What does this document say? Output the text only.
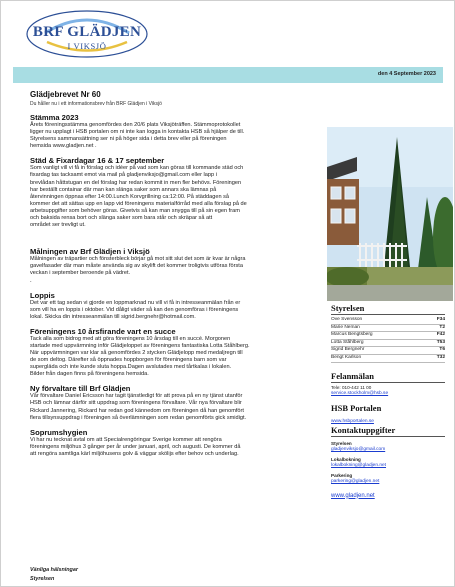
BRF GLÄDJEN
I VIKSJÖ
den 4 September 2023
Glädjebrevet Nr 60
Du håller nu i ett informationsbrev från BRF Glädjen i Viksjö
Stämma 2023
Årets föreningsstämma genomfördes den 20/6 plats Viksjöträffen. Stämmoprotokollet
ligger nu upplagt i HSB portalen om ni inte kan logga in kontakta HSB så hjälper de till.
Styrelsens sammansättning ser ni på höger sida i detta brev eller på föreningen
hemsida www.gladjen.net .
Städ & Fixardagar 16 & 17 september
Som vanligt vill vi få in förslag och idéer på vad som kan göras till kommande städ och
fixardag tas tacksamt emot via mail på gladjenviksjo@gmail.com eller lapp i
brevlådan håttstugan en del förslag har redan kommit in men fler behövs. Föreningen
har beställt containar där man kan slänga saker som annars ska lämnas på
återvinningen öppnas efter 14:00.Lunch Korvgrillning ca:12:00. På städdagen så
kommer det att sättas upp en lapp vid föreningens materialförråd med alla förslag på de
arbetsuppgifter som behöver göras. Givetvis så kan man snygga till på sin egen fram
och baksida rensa bort och slänga saker som bara står och skräpar så att
området ser trevligt ut.
Målningen av Brf Glädjen i Viksjö
Målningen av träpartier och fönsterbleck börjar gå mot sitt slut det som är kvar är några
gavelfasader där man måste använda sig av skylift det kommer troligtvis utföras första
veckan i september beroende på vädret.
.
Loppis
Det var ett tag sedan vi gjorde en loppmarknad nu vill vi få in intresseanmälan från er
som vill ha en loppis i oktober. Vid dåligt väder så kan den genomföras i föreningens
lokal. Skicka din intresseanmälan till sigrid.bergnehr@hotmail.com.
Föreningens 10 årsfirande vart en succe
Tack alla som bidrog med att göra föreningens 10 årsdag till en succé. Morgonen
startade med uppvärmning inför Glädjeloppet av föreningens fantastiska Lotta Ståhlberg.
När uppvärmningen var klar så genomfördes 2 stycken Glädjelopp med medaljregn till
de som deltog. Därefter så öppnades hoppborgen för föreningens barn som var
supergläda och inte kunde sluta hoppa.Dagen avslutades med tårtkalas i lokalen.
Bilder från dagen finns på föreningens hemsida.
Ny förvaltare till Brf Glädjen
Vår förvaltare Daniel Ericsson har tagit tjänstledigt för att prova på en ny tjänst utanför
HSB och lämnar därför sitt uppdrag som föreningens förvaltare. Vår nya förvaltare blir
Rickard Jannering, Rickard har redan god kännedom om föreningen då han genomfört
flera tillsynsuppdrag i föreningen så överlämningen som redan genomförts gick smidigt.
Soprumshygien
Vi har nu tecknat avtal om att Specialrengöringar Sverige kommer att rengöra
föreningens miljöhus 3 gånger per år under januari, april, och augusti. De kommer då
att rengöra samtliga kärl miljöhusens golv & väggar skölijs efter behov och underlag.
Vänliga hälsningar
Styrelsen
Styrelsen
Ove Svensson	F34
Marie Neman	T2
Marcus Bengtsberg	F42
Lotta Ståhlberg	T53
Sigrid Bergnehr	T6
Bengt Karlson	T32
Felanmälan
Tele: 010-442 11 00
service.stockholm@hsb.se
HSB Portalen
www.hsbportalen.se
Kontaktuppgifter
Styrelsen
gladjenviksjo@gmail.com
Lokalbokning
lokalbokning@gladjen.net
Parkering
parkering@gladjen.net
www.gladjen.net
